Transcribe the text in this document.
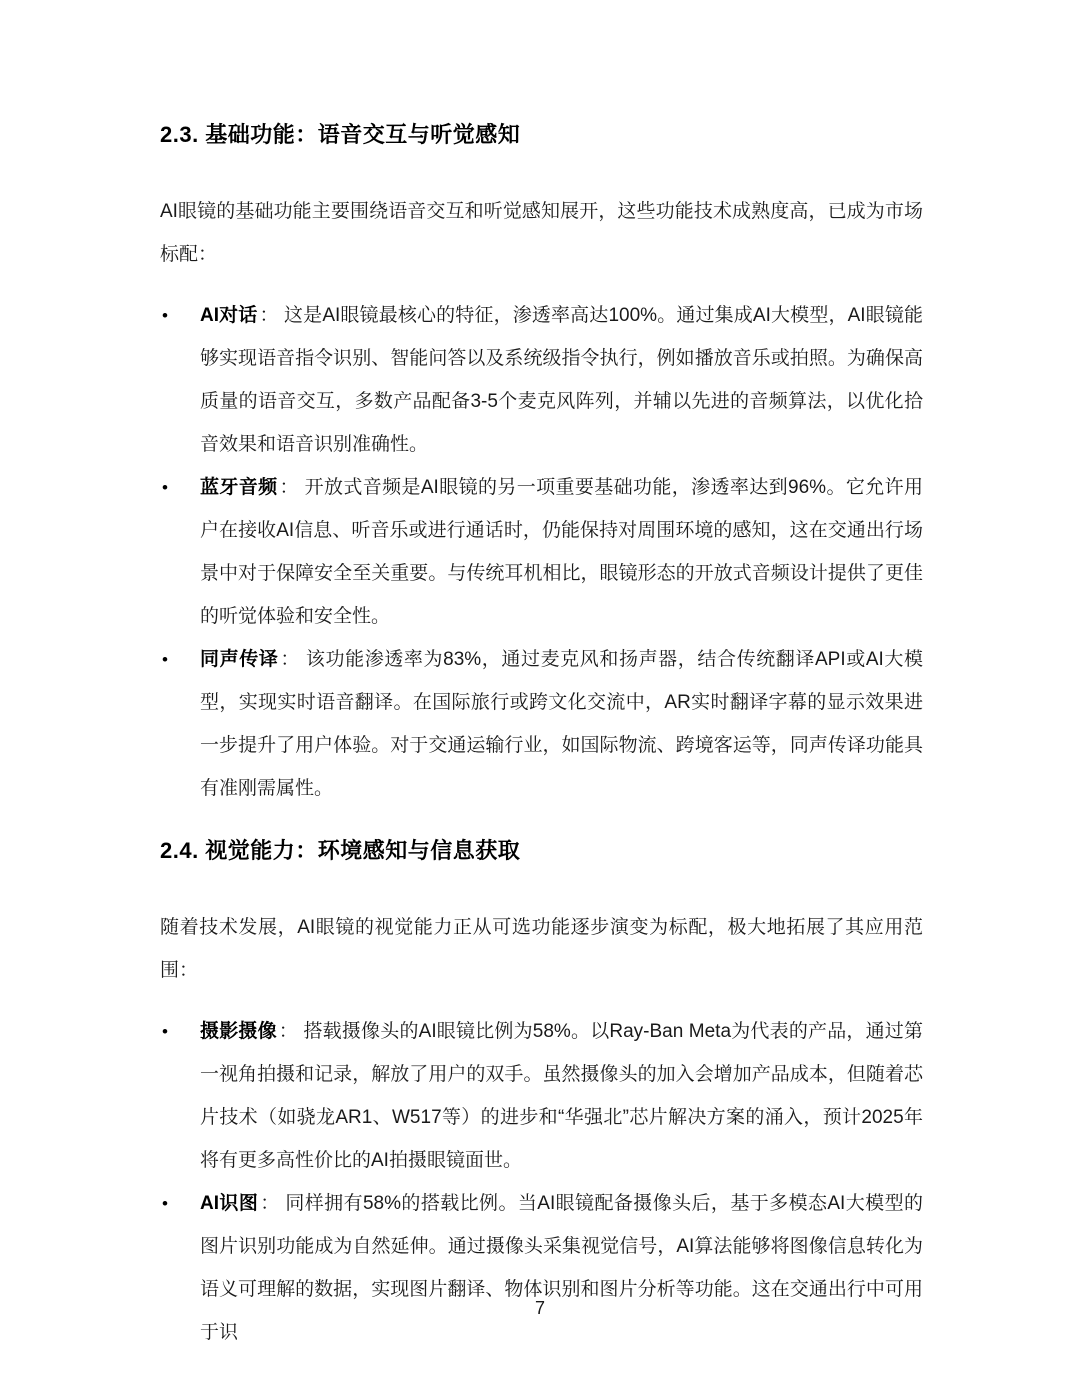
2.3. 基础功能：语音交互与听觉感知

AI眼镜的基础功能主要围绕语音交互和听觉感知展开，这些功能技术成熟度高，已成为市场标配：

• AI对话 ： 这是AI眼镜最核心的特征，渗透率高达100%。通过集成AI大模型，AI眼镜能够实现语音指令识别、智能问答以及系统级指令执行，例如播放音乐或拍照。为确保高质量的语音交互，多数产品配备3-5个麦克风阵列，并辅以先进的音频算法，以优化拾音效果和语音识别准确性。
• 蓝牙音频 ： 开放式音频是AI眼镜的另一项重要基础功能，渗透率达到96%。它允许用户在接收AI信息、听音乐或进行通话时，仍能保持对周围环境的感知，这在交通出行场景中对于保障安全至关重要。与传统耳机相比，眼镜形态的开放式音频设计提供了更佳的听觉体验和安全性。
• 同声传译 ： 该功能渗透率为83%，通过麦克风和扬声器，结合传统翻译API或AI大模型，实现实时语音翻译。在国际旅行或跨文化交流中，AR实时翻译字幕的显示效果进一步提升了用户体验。对于交通运输行业，如国际物流、跨境客运等，同声传译功能具有准刚需属性。
2.4. 视觉能力：环境感知与信息获取

随着技术发展，AI眼镜的视觉能力正从可选功能逐步演变为标配，极大地拓展了其应用范围：

• 摄影摄像 ： 搭载摄像头的AI眼镜比例为58%。以Ray-Ban Meta为代表的产品，通过第一视角拍摄和记录，解放了用户的双手。虽然摄像头的加入会增加产品成本，但随着芯片技术（如骁龙AR1、W517等）的进步和“华强北”芯片解决方案的涌入，预计2025年将有更多高性价比的AI拍摄眼镜面世。
• AI识图 ： 同样拥有58%的搭载比例。当AI眼镜配备摄像头后，基于多模态AI大模型的图片识别功能成为自然延伸。通过摄像头采集视觉信号，AI算法能够将图像信息转化为语义可理解的数据，实现图片翻译、物体识别和图片分析等功能。这在交通出行中可用于识
7
